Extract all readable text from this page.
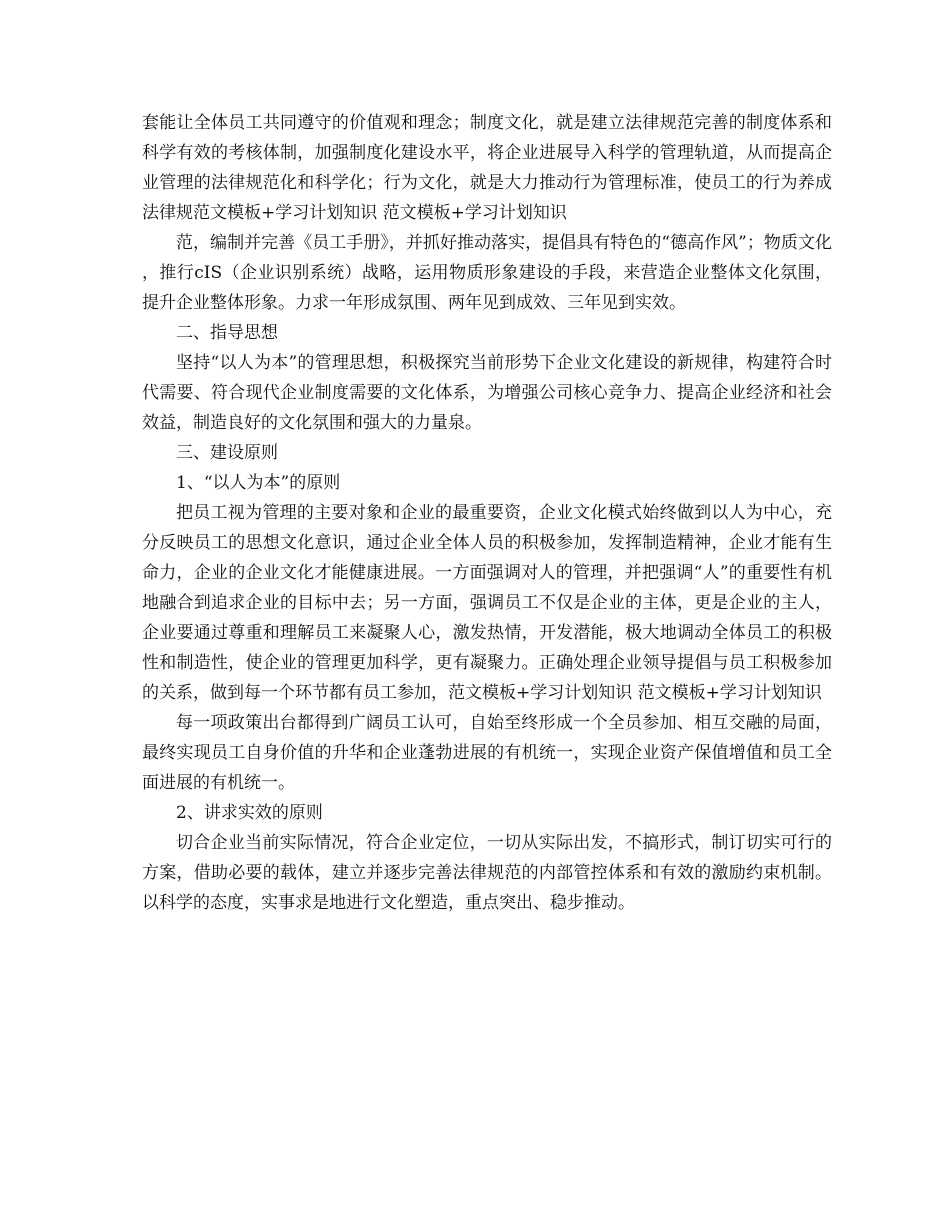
套能让全体员工共同遵守的价值观和理念；制度文化，就是建立法律规范完善的制度体系和科学有效的考核体制，加强制度化建设水平，将企业进展导入科学的管理轨道，从而提高企业管理的法律规范化和科学化；行为文化，就是大力推动行为管理标准，使员工的行为养成法律规范文模板+学习计划知识 范文模板+学习计划知识

范，编制并完善《员工手册》，并抓好推动落实，提倡具有特色的“德高作风”；物质文化，推行cIS（企业识别系统）战略，运用物质形象建设的手段，来营造企业整体文化氛围，提升企业整体形象。力求一年形成氛围、两年见到成效、三年见到实效。

二、指导思想

坚持“以人为本”的管理思想，积极探究当前形势下企业文化建设的新规律，构建符合时代需要、符合现代企业制度需要的文化体系，为增强公司核心竞争力、提高企业经济和社会效益，制造良好的文化氛围和强大的力量泉。

三、建设原则

1、“以人为本”的原则

把员工视为管理的主要对象和企业的最重要资，企业文化模式始终做到以人为中心，充分反映员工的思想文化意识，通过企业全体人员的积极参加，发挥制造精神，企业才能有生命力，企业的企业文化才能健康进展。一方面强调对人的管理，并把强调“人”的重要性有机地融合到追求企业的目标中去；另一方面，强调员工不仅是企业的主体，更是企业的主人，企业要通过尊重和理解员工来凝聚人心，激发热情，开发潜能，极大地调动全体员工的积极性和制造性，使企业的管理更加科学，更有凝聚力。正确处理企业领导提倡与员工积极参加的关系，做到每一个环节都有员工参加，范文模板+学习计划知识 范文模板+学习计划知识

每一项政策出台都得到广阔员工认可，自始至终形成一个全员参加、相互交融的局面，最终实现员工自身价值的升华和企业蓬勃进展的有机统一，实现企业资产保值增值和员工全面进展的有机统一。

2、讲求实效的原则

切合企业当前实际情况，符合企业定位，一切从实际出发，不搞形式，制订切实可行的方案，借助必要的载体，建立并逐步完善法律规范的内部管控体系和有效的激励约束机制。以科学的态度，实事求是地进行文化塑造，重点突出、稳步推动。
